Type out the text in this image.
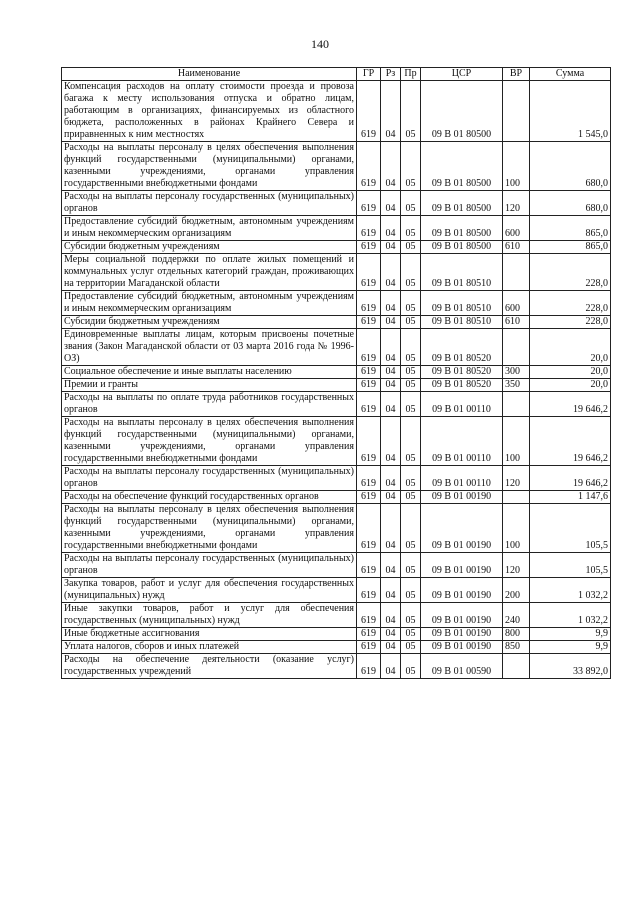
140
Наименование	ГР	Рз	Пр	ЦСР	ВР	Сумма
Компенсация расходов на оплату стоимости проезда и провоза багажа к месту использования отпуска и обратно лицам, работающим в организациях, финансируемых из областного бюджета, расположенных в районах Крайнего Севера и приравненных к ним местностях	619	04	05	09 В 01 80500		1 545,0
Расходы на выплаты персоналу в целях обеспечения выполнения функций государственными (муниципальными) органами, казенными учреждениями, органами управления государственными внебюджетными фондами	619	04	05	09 В 01 80500	100	680,0
Расходы на выплаты персоналу государственных (муниципальных) органов	619	04	05	09 В 01 80500	120	680,0
Предоставление субсидий бюджетным, автономным учреждениям и иным некоммерческим организациям	619	04	05	09 В 01 80500	600	865,0
Субсидии бюджетным учреждениям	619	04	05	09 В 01 80500	610	865,0
Меры социальной поддержки по оплате жилых помещений и коммунальных услуг отдельных категорий граждан, проживающих на территории Магаданской области	619	04	05	09 В 01 80510		228,0
Предоставление субсидий бюджетным, автономным учреждениям и иным некоммерческим организациям	619	04	05	09 В 01 80510	600	228,0
Субсидии бюджетным учреждениям	619	04	05	09 В 01 80510	610	228,0
Единовременные выплаты лицам, которым присвоены почетные звания (Закон Магаданской области от 03 марта 2016 года № 1996-ОЗ)	619	04	05	09 В 01 80520		20,0
Социальное обеспечение и иные выплаты населению	619	04	05	09 В 01 80520	300	20,0
Премии и гранты	619	04	05	09 В 01 80520	350	20,0
Расходы на выплаты по оплате труда работников государственных органов	619	04	05	09 В 01 00110		19 646,2
Расходы на выплаты персоналу в целях обеспечения выполнения функций государственными (муниципальными) органами, казенными учреждениями, органами управления государственными внебюджетными фондами	619	04	05	09 В 01 00110	100	19 646,2
Расходы на выплаты персоналу государственных (муниципальных) органов	619	04	05	09 В 01 00110	120	19 646,2
Расходы на обеспечение функций государственных органов	619	04	05	09 В 01 00190		1 147,6
Расходы на выплаты персоналу в целях обеспечения выполнения функций государственными (муниципальными) органами, казенными учреждениями, органами управления государственными внебюджетными фондами	619	04	05	09 В 01 00190	100	105,5
Расходы на выплаты персоналу государственных (муниципальных) органов	619	04	05	09 В 01 00190	120	105,5
Закупка товаров, работ и услуг для обеспечения государственных (муниципальных) нужд	619	04	05	09 В 01 00190	200	1 032,2
Иные закупки товаров, работ и услуг для обеспечения государственных (муниципальных) нужд	619	04	05	09 В 01 00190	240	1 032,2
Иные бюджетные ассигнования	619	04	05	09 В 01 00190	800	9,9
Уплата налогов, сборов и иных платежей	619	04	05	09 В 01 00190	850	9,9
Расходы на обеспечение деятельности (оказание услуг) государственных учреждений	619	04	05	09 В 01 00590		33 892,0
